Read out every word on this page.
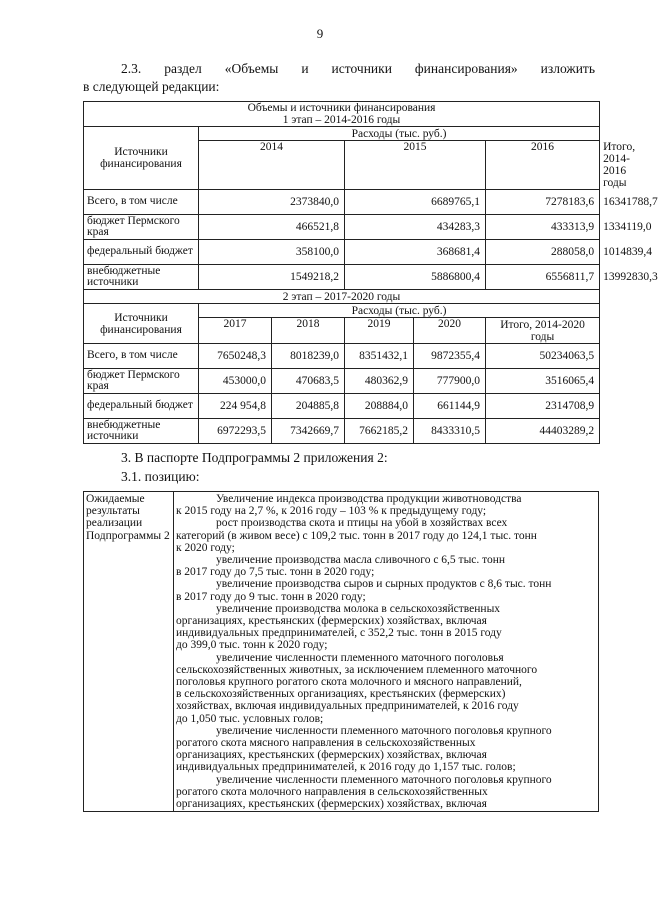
9
2.3. раздел «Объемы и источники финансирования» изложить
в следующей редакции:
Объемы и источники финансирования
1 этап – 2014-2016 годы						

Источники финансирования	Расходы (тыс. руб.)					
	2014		2015		2016	Итого, 2014-2016 годы
Всего, в том числе	2373840,0		6689765,1		7278183,6	16341788,7
бюджет Пермского края	466521,8		434283,3		433313,9	1334119,0
федеральный бюджет	358100,0		368681,4		288058,0	1014839,4
внебюджетные источники	1549218,2		5886800,4		6556811,7	13992830,3
2 этап – 2017-2020 годы						
Источники финансирования	Расходы (тыс. руб.)					
	2017	2018	2019	2020	Итого, 2014-2020 годы	
Всего, в том числе	7650248,3	8018239,0	8351432,1	9872355,4	50234063,5	
бюджет Пермского края	453000,0	470683,5	480362,9	777900,0	3516065,4	
федеральный бюджет	224 954,8	204885,8	208884,0	661144,9	2314708,9	
внебюджетные источники	6972293,5	7342669,7	7662185,2	8433310,5	44403289,2	
3. В паспорте Подпрограммы 2 приложения 2:
3.1. позицию:
Ожидаемые результаты реализации Подпрограммы 2	
Увеличение индекса производства продукции животноводства
к 2015 году на 2,7 %, к 2016 году – 103 % к предыдущему году;
рост производства скота и птицы на убой в хозяйствах всех
категорий (в живом весе) с 109,2 тыс. тонн в 2017 году до 124,1 тыс. тонн
к 2020 году;
увеличение производства масла сливочного с 6,5 тыс. тонн
в 2017 году до 7,5 тыс. тонн в 2020 году;
увеличение производства сыров и сырных продуктов с 8,6 тыс. тонн
в 2017 году до 9 тыс. тонн в 2020 году;
увеличение производства молока в сельскохозяйственных
организациях, крестьянских (фермерских) хозяйствах, включая
индивидуальных предпринимателей, с 352,2 тыс. тонн в 2015 году
до 399,0 тыс. тонн к 2020 году;
увеличение численности племенного маточного поголовья
сельскохозяйственных животных, за исключением племенного маточного
поголовья крупного рогатого скота молочного и мясного направлений,
в сельскохозяйственных организациях, крестьянских (фермерских)
хозяйствах, включая индивидуальных предпринимателей, к 2016 году
до 1,050 тыс. условных голов;
увеличение численности племенного маточного поголовья крупного
рогатого скота мясного направления в сельскохозяйственных
организациях, крестьянских (фермерских) хозяйствах, включая
индивидуальных предпринимателей, к 2016 году до 1,157 тыс. голов;
увеличение численности племенного маточного поголовья крупного
рогатого скота молочного направления в сельскохозяйственных
организациях, крестьянских (фермерских) хозяйствах, включая
